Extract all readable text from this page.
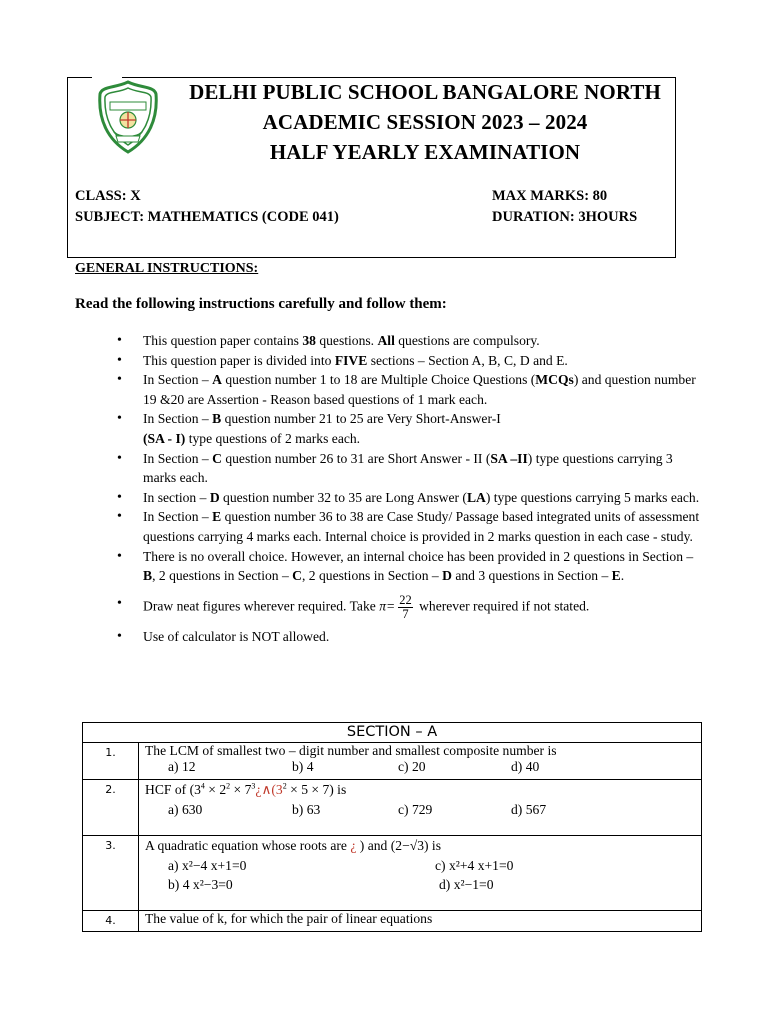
DELHI PUBLIC SCHOOL BANGALORE NORTH
ACADEMIC SESSION 2023 – 2024
HALF YEARLY EXAMINATION
CLASS: X
SUBJECT: MATHEMATICS (CODE 041)
MAX MARKS: 80
DURATION: 3HOURS
GENERAL INSTRUCTIONS:
Read the following instructions carefully and follow them:
• This question paper contains 38 questions. All questions are compulsory.
• This question paper is divided into FIVE sections – Section A, B, C, D and E.
• In Section – A question number 1 to 18 are Multiple Choice Questions (MCQs) and question number 19 &20 are Assertion - Reason based questions of 1 mark each.
• In Section – B question number 21 to 25 are Very Short-Answer-I
(SA - I) type questions of 2 marks each.
• In Section – C question number 26 to 31 are Short Answer - II (SA –II) type questions carrying 3 marks each.
• In section – D question number 32 to 35 are Long Answer (LA) type questions carrying 5 marks each.
• In Section – E question number 36 to 38 are Case Study/ Passage based integrated units of assessment questions carrying 4 marks each. Internal choice is provided in 2 marks question in each case - study.
• There is no overall choice. However, an internal choice has been provided in 2 questions in Section – B, 2 questions in Section – C, 2 questions in Section – D and 3 questions in Section – E.
• Draw neat figures wherever required. Take $\pi= \frac{22}{7}$ wherever required if not stated.
• Use of calculator is NOT allowed.
SECTION – A	
1.	The LCM of smallest two – digit number and smallest composite number is
a) 12 b) 4 c) 20 d) 40

2.	HCF of ($3^4 \times 2^2$ × $7^3¿\wedge(3^2 \times 5 \times 7)$ is
a) 630 b) 63 c) 729 d) 567

3.	A quadratic equation whose roots are ¿ ) and (2−√3) is
a) x²−4 x+1=0 c) x²+4 x+1=0
b) 4 x²−3=0 d) x²−1=0

4.	The value of k, for which the pair of linear equations
